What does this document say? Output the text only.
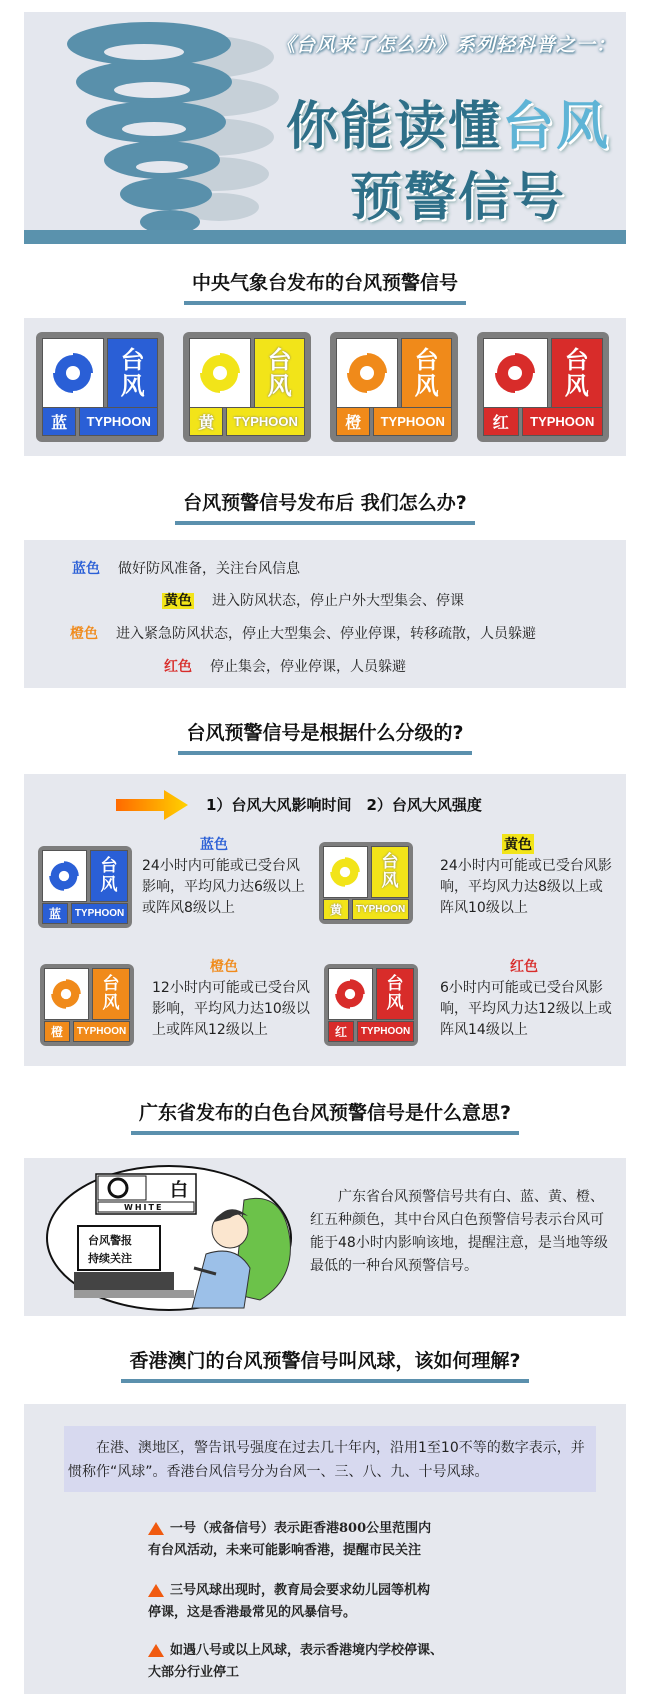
《台风来了怎么办》系列轻科普之一：
你能读懂台风
预警信号
中央气象台发布的台风预警信号
台
风
蓝	TYPHOON
台
风
黄	TYPHOON
台
风
橙	TYPHOON
台
风
红	TYPHOON
台风预警信号发布后 我们怎么办?
蓝色 做好防风准备，关注台风信息
黄色 进入防风状态，停止户外大型集会、停课
橙色 进入紧急防风状态，停止大型集会、停业停课，转移疏散，人员躲避
红色 停止集会，停业停课，人员躲避
台风预警信号是根据什么分级的?
1）台风大风影响时间　2）台风大风强度
台
风
蓝	TYPHOON
蓝色
24小时内可能或已受台风影响，平均风力达6级以上或阵风8级以上
台
风
黄	TYPHOON
黄色
24小时内可能或已受台风影响，平均风力达8级以上或阵风10级以上
台
风
橙	TYPHOON
橙色
12小时内可能或已受台风影响，平均风力达10级以上或阵风12级以上
台
风
红	TYPHOON
红色
6小时内可能或已受台风影响，平均风力达12级以上或阵风14级以上
广东省发布的白色台风预警信号是什么意思?
白
WHITE
台风警报
持续关注
广东省台风预警信号共有白、蓝、黄、橙、红五种颜色，其中台风白色预警信号表示台风可能于48小时内影响该地，提醒注意，是当地等级最低的一种台风预警信号。
香港澳门的台风预警信号叫风球，该如何理解?
在港、澳地区，警告讯号强度在过去几十年内，沿用1至10不等的数字表示，并惯称作“风球”。香港台风信号分为台风一、三、八、九、十号风球。
一号（戒备信号）表示距香港800公里范围内
有台风活动，未来可能影响香港，提醒市民关注
三号风球出现时，教育局会要求幼儿园等机构
停课，这是香港最常见的风暴信号。
如遇八号或以上风球，表示香港境内学校停课、
大部分行业停工
